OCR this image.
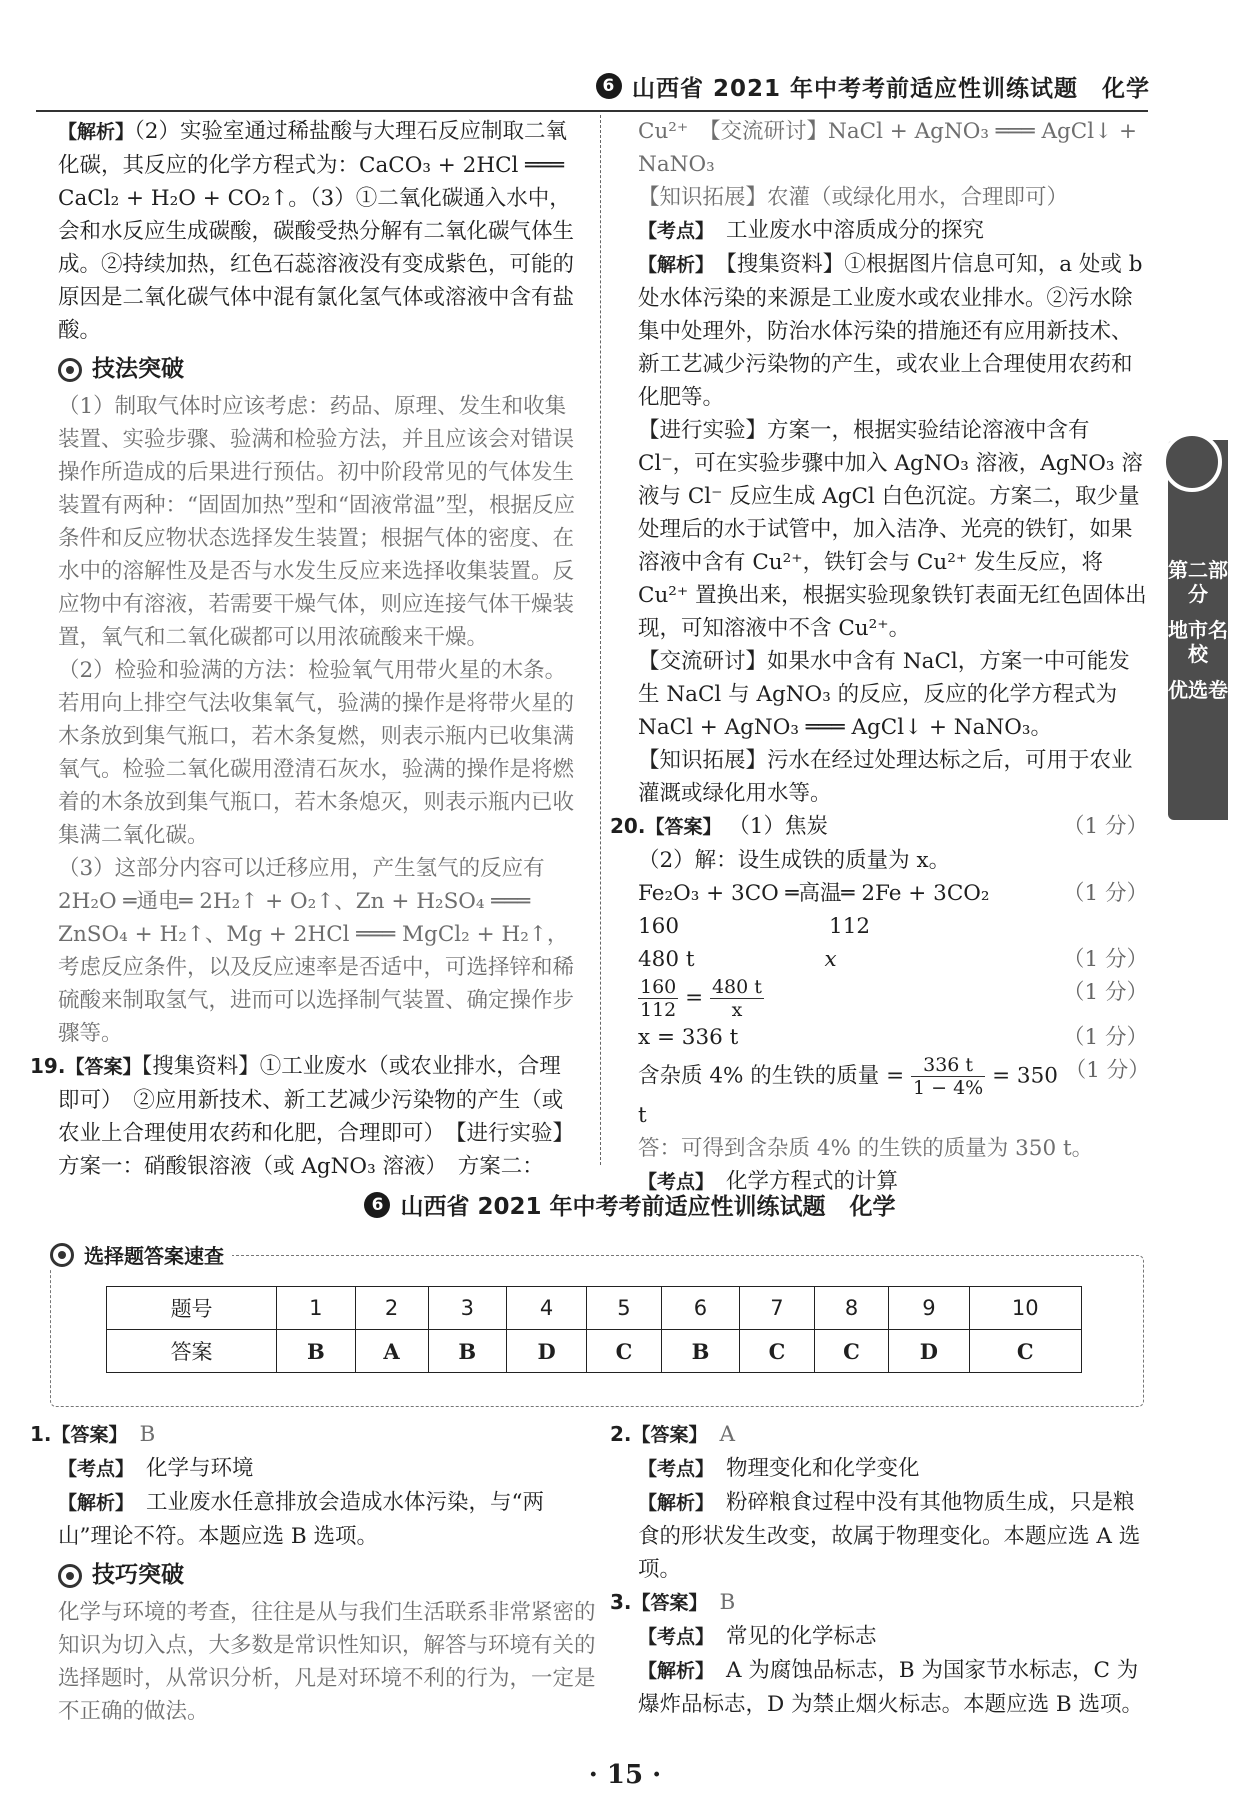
6 山西省 2021 年中考考前适应性训练试题 化学
第二部分
地市名校
优选卷

【解析】（2）实验室通过稀盐酸与大理石反应制取二氧化碳，其反应的化学方程式为：CaCO₃ + 2HCl ═══ CaCl₂ + H₂O + CO₂↑。（3）①二氧化碳通入水中，会和水反应生成碳酸，碳酸受热分解有二氧化碳气体生成。②持续加热，红色石蕊溶液没有变成紫色，可能的原因是二氧化碳气体中混有氯化氢气体或溶液中含有盐酸。

技法突破

（1）制取气体时应该考虑：药品、原理、发生和收集装置、实验步骤、验满和检验方法，并且应该会对错误操作所造成的后果进行预估。初中阶段常见的气体发生装置有两种：“固固加热”型和“固液常温”型，根据反应条件和反应物状态选择发生装置；根据气体的密度、在水中的溶解性及是否与水发生反应来选择收集装置。反应物中有溶液，若需要干燥气体，则应连接气体干燥装置，氧气和二氧化碳都可以用浓硫酸来干燥。

（2）检验和验满的方法：检验氧气用带火星的木条。若用向上排空气法收集氧气，验满的操作是将带火星的木条放到集气瓶口，若木条复燃，则表示瓶内已收集满氧气。检验二氧化碳用澄清石灰水，验满的操作是将燃着的木条放到集气瓶口，若木条熄灭，则表示瓶内已收集满二氧化碳。

（3）这部分内容可以迁移应用，产生氢气的反应有

2H₂O ═通电═ 2H₂↑ + O₂↑、Zn + H₂SO₄ ═══ ZnSO₄ + H₂↑、Mg + 2HCl ═══ MgCl₂ + H₂↑，考虑反应条件，以及反应速率是否适中，可选择锌和稀硫酸来制取氢气，进而可以选择制气装置、确定操作步骤等。

19.【答案】【搜集资料】①工业废水（或农业排水，合理即可）　②应用新技术、新工艺减少污染物的产生（或农业上合理使用农药和化肥，合理即可）　【进行实验】方案一：硝酸银溶液（或 AgNO₃ 溶液）　方案二：

Cu²⁺　【交流研讨】NaCl + AgNO₃ ═══ AgCl↓ + NaNO₃

【知识拓展】农灌（或绿化用水，合理即可）

【考点】　 工业废水中溶质成分的探究

【解析】　 【搜集资料】①根据图片信息可知，a 处或 b 处水体污染的来源是工业废水或农业排水。②污水除集中处理外，防治水体污染的措施还有应用新技术、新工艺减少污染物的产生，或农业上合理使用农药和化肥等。

【进行实验】方案一，根据实验结论溶液中含有 Cl⁻，可在实验步骤中加入 AgNO₃ 溶液，AgNO₃ 溶液与 Cl⁻ 反应生成 AgCl 白色沉淀。方案二，取少量处理后的水于试管中，加入洁净、光亮的铁钉，如果溶液中含有 Cu²⁺，铁钉会与 Cu²⁺ 发生反应，将 Cu²⁺ 置换出来，根据实验现象铁钉表面无红色固体出现，可知溶液中不含 Cu²⁺。

【交流研讨】如果水中含有 NaCl，方案一中可能发生 NaCl 与 AgNO₃ 的反应，反应的化学方程式为 NaCl + AgNO₃ ═══ AgCl↓ + NaNO₃。

【知识拓展】污水在经过处理达标之后，可用于农业灌溉或绿化用水等。

20.【答案】 （1）焦炭	（1 分）

（2）解：设生成铁的质量为 x。

Fe₂O₃ + 3CO ═高温═ 2Fe + 3CO₂	（1 分）

160	112

480 t	x	（1 分）

$\frac{160}{112} = \frac{480 t}{x}$	（1 分）

x = 336 t	（1 分）

含杂质 4% 的生铁的质量 = $\frac{336 t}{1 - 4\%} = 350$ t
（1 分）

答：可得到含杂质 4% 的生铁的质量为 350 t。

【考点】　 化学方程式的计算

6 山西省 2021 年中考考前适应性训练试题 化学
选择题答案速查
题号	1	2	3	4	5	6	7	8	9	10
答案	B	A	B	D	C	B	C	C	D	C

1.【答案】　 B

【考点】　 化学与环境

【解析】　 工业废水任意排放会造成水体污染，与“两山”理论不符。本题应选 B 选项。

技巧突破

化学与环境的考查，往往是从与我们生活联系非常紧密的知识为切入点，大多数是常识性知识，解答与环境有关的选择题时，从常识分析，凡是对环境不利的行为，一定是不正确的做法。

2.【答案】　 A

【考点】　 物理变化和化学变化

【解析】　 粉碎粮食过程中没有其他物质生成，只是粮食的形状发生改变，故属于物理变化。本题应选 A 选项。

3.【答案】　 B

【考点】　 常见的化学标志

【解析】　 A 为腐蚀品标志，B 为国家节水标志，C 为爆炸品标志，D 为禁止烟火标志。本题应选 B 选项。

· 15 ·
